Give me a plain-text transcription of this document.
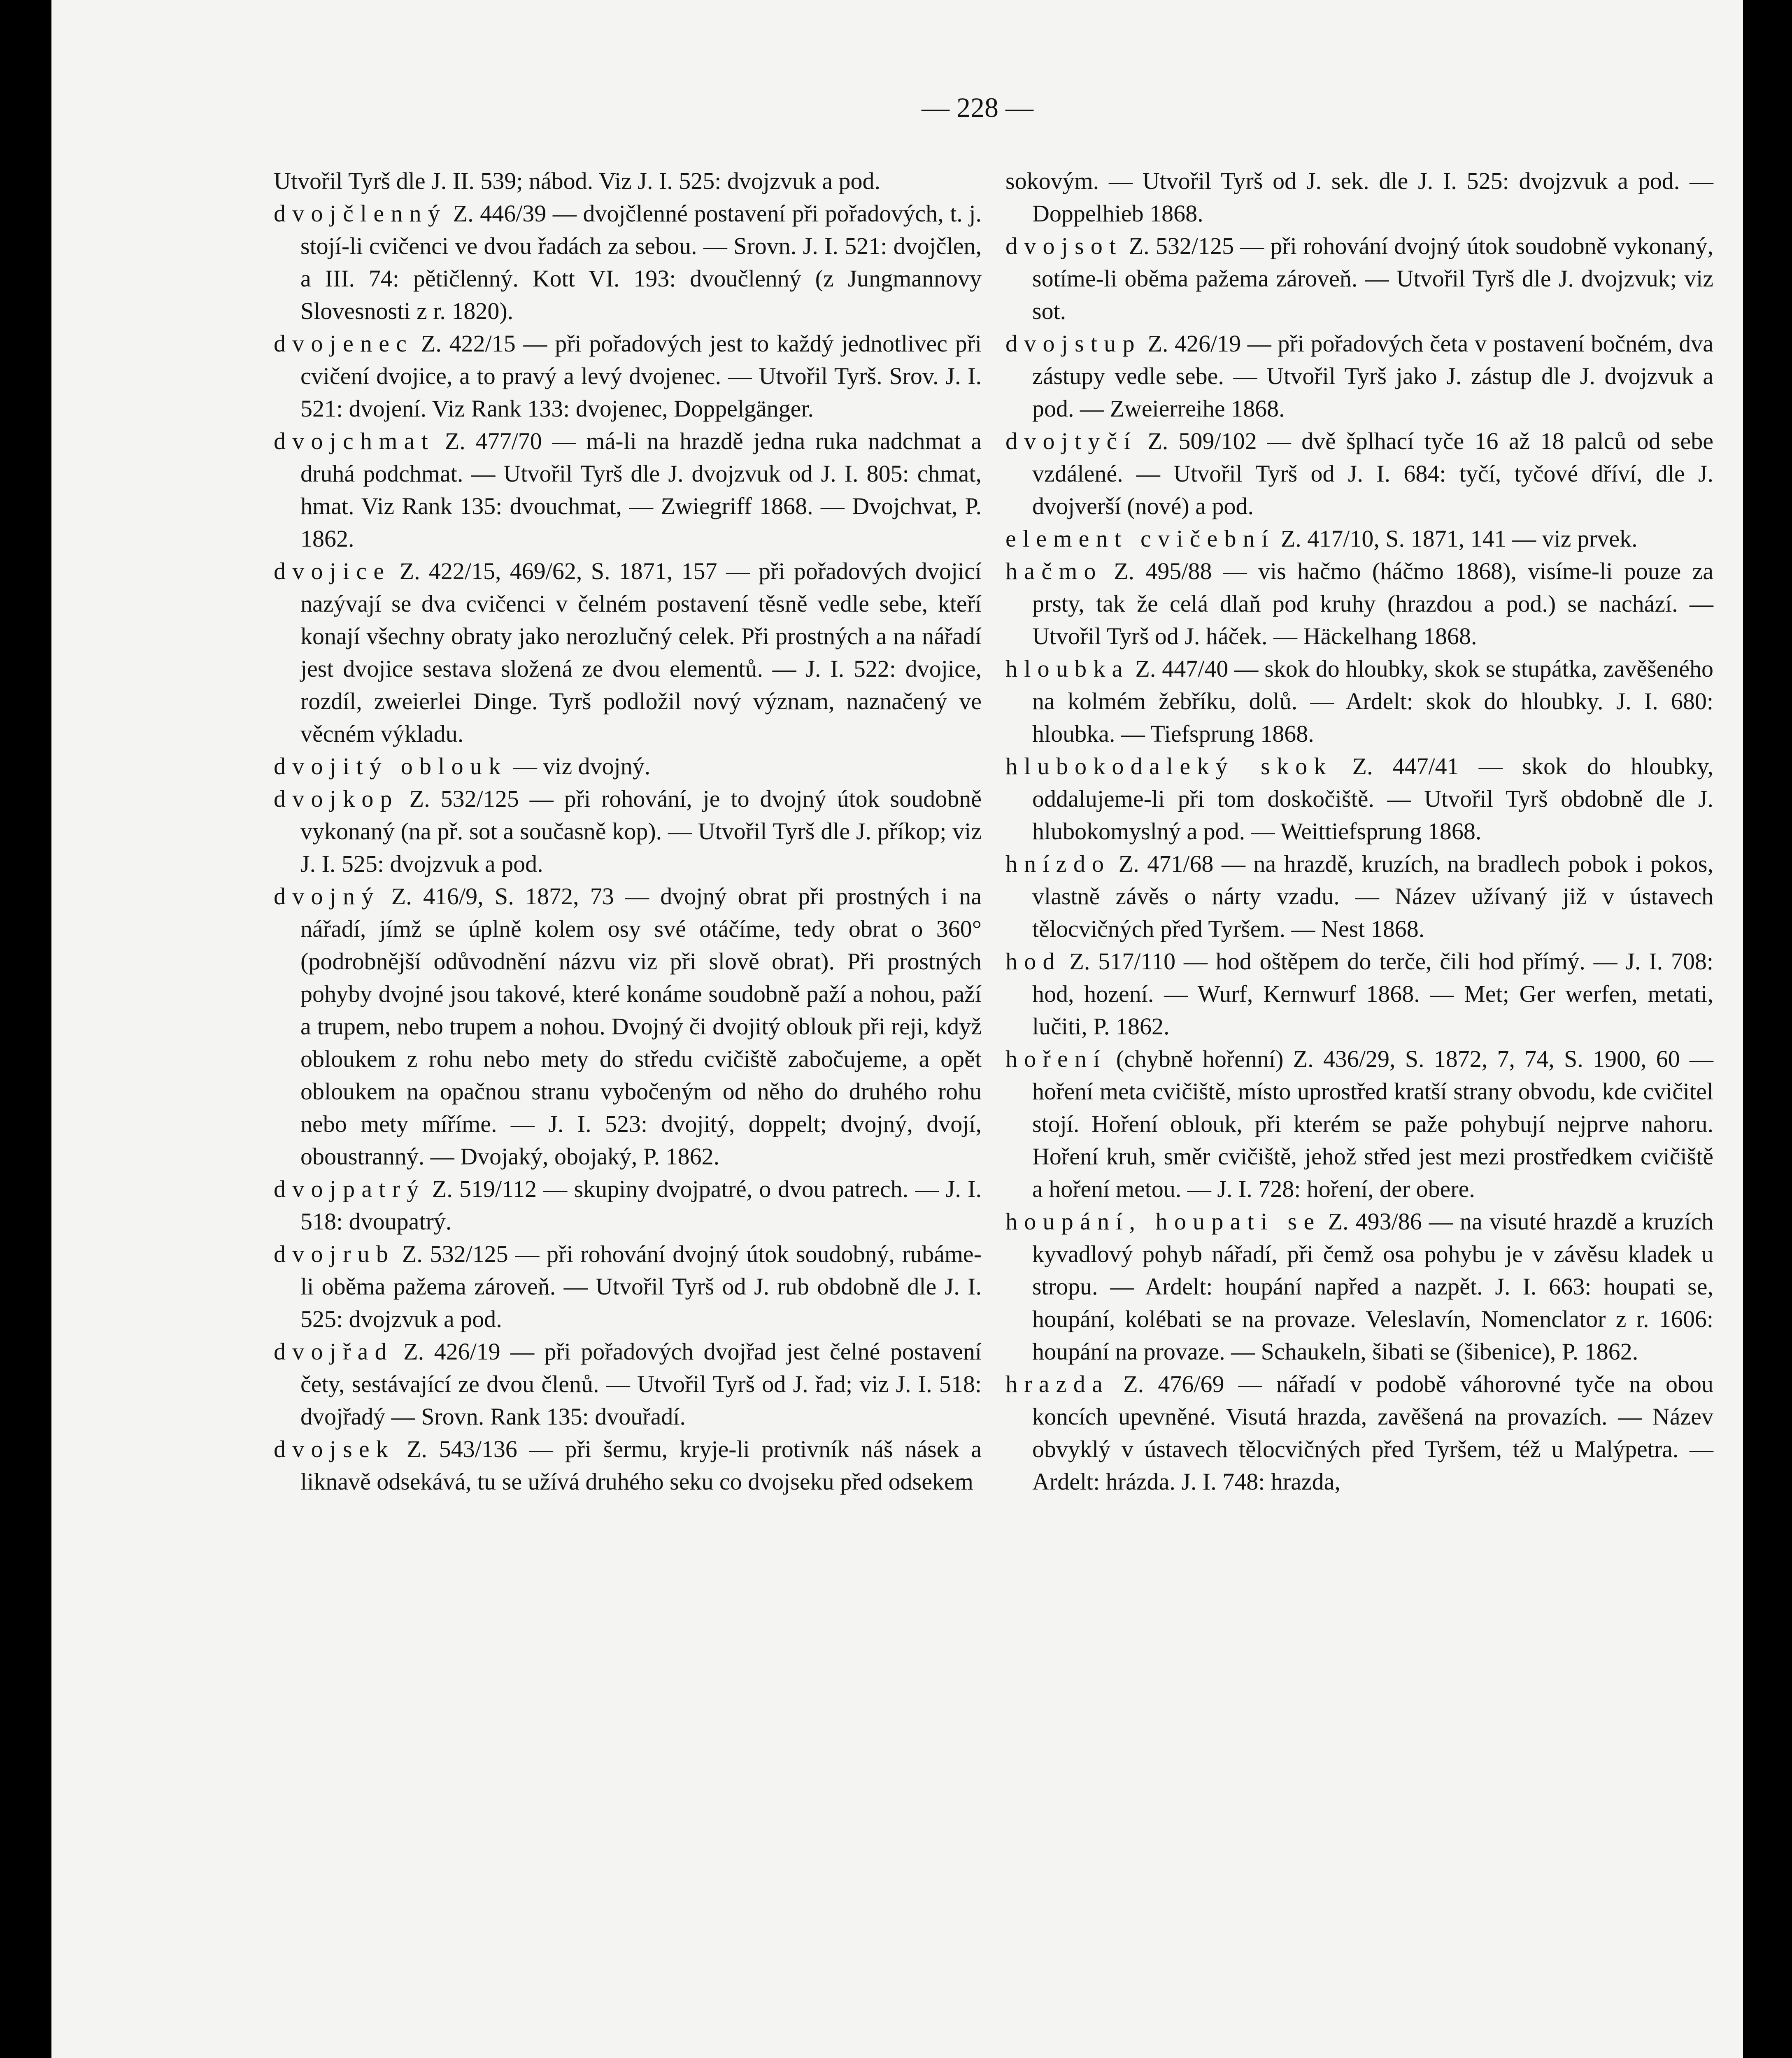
— 228 —

Utvořil Tyrš dle J. II. 539; nábod. Viz J. I. 525: dvojzvuk a pod.

dvojčlenný Z. 446/39 — dvojčlenné postavení při pořadových, t. j. stojí-li cvičenci ve dvou řadách za sebou. — Srovn. J. I. 521: dvojčlen, a III. 74: pětičlenný. Kott VI. 193: dvoučlenný (z Jungmannovy Slovesnosti z r. 1820).

dvojenec Z. 422/15 — při pořadových jest to každý jednotlivec při cvičení dvojice, a to pravý a levý dvojenec. — Utvořil Tyrš. Srov. J. I. 521: dvojení. Viz Rank 133: dvojenec, Doppelgänger.

dvojchmat Z. 477/70 — má-li na hrazdě jedna ruka nadchmat a druhá podchmat. — Utvořil Tyrš dle J. dvojzvuk od J. I. 805: chmat, hmat. Viz Rank 135: dvouchmat, — Zwiegriff 1868. — Dvojchvat, P. 1862.

dvojice Z. 422/15, 469/62, S. 1871, 157 — při pořadových dvojicí nazývají se dva cvičenci v čelném postavení těsně vedle sebe, kteří konají všechny obraty jako nerozlučný celek. Při prostných a na nářadí jest dvojice sestava složená ze dvou elementů. — J. I. 522: dvojice, rozdíl, zweierlei Dinge. Tyrš podložil nový význam, naznačený ve věcném výkladu.

dvojitý oblouk — viz dvojný.

dvojkop Z. 532/125 — při rohování, je to dvojný útok soudobně vykonaný (na př. sot a současně kop). — Utvořil Tyrš dle J. příkop; viz J. I. 525: dvojzvuk a pod.

dvojný Z. 416/9, S. 1872, 73 — dvojný obrat při prostných i na nářadí, jímž se úplně kolem osy své otáčíme, tedy obrat o 360° (podrobnější odůvodnění názvu viz při slově obrat). Při prostných pohyby dvojné jsou takové, které konáme soudobně paží a nohou, paží a trupem, nebo trupem a nohou. Dvojný či dvojitý oblouk při reji, když obloukem z rohu nebo mety do středu cvičiště zabočujeme, a opět obloukem na opačnou stranu vybočeným od něho do druhého rohu nebo mety míříme. — J. I. 523: dvojitý, doppelt; dvojný, dvojí, oboustranný. — Dvojaký, obojaký, P. 1862.

dvojpatrý Z. 519/112 — skupiny dvojpatré, o dvou patrech. — J. I. 518: dvoupatrý.

dvojrub Z. 532/125 — při rohování dvojný útok soudobný, rubáme-li oběma pažema zároveň. — Utvořil Tyrš od J. rub obdobně dle J. I. 525: dvojzvuk a pod.

dvojřad Z. 426/19 — při pořadových dvojřad jest čelné postavení čety, sestávající ze dvou členů. — Utvořil Tyrš od J. řad; viz J. I. 518: dvojřadý — Srovn. Rank 135: dvouřadí.

dvojsek Z. 543/136 — při šermu, kryje-li protivník náš násek a liknavě odsekává, tu se užívá druhého seku co dvojseku před odsekem

sokovým. — Utvořil Tyrš od J. sek. dle J. I. 525: dvojzvuk a pod. — Doppelhieb 1868.

dvojsot Z. 532/125 — při rohování dvojný útok soudobně vykonaný, sotíme-li oběma pažema zároveň. — Utvořil Tyrš dle J. dvojzvuk; viz sot.

dvojstup Z. 426/19 — při pořadových četa v postavení bočném, dva zástupy vedle sebe. — Utvořil Tyrš jako J. zástup dle J. dvojzvuk a pod. — Zweierreihe 1868.

dvojtyčí Z. 509/102 — dvě šplhací tyče 16 až 18 palců od sebe vzdálené. — Utvořil Tyrš od J. I. 684: tyčí, tyčové dříví, dle J. dvojverší (nové) a pod.

element cvičební Z. 417/10, S. 1871, 141 — viz prvek.

hačmo Z. 495/88 — vis hačmo (háčmo 1868), visíme-li pouze za prsty, tak že celá dlaň pod kruhy (hrazdou a pod.) se nachází. — Utvořil Tyrš od J. háček. — Häckelhang 1868.

hloubka Z. 447/40 — skok do hloubky, skok se stupátka, zavěšeného na kolmém žebříku, dolů. — Ardelt: skok do hloubky. J. I. 680: hloubka. — Tiefsprung 1868.

hlubokodaleký skok Z. 447/41 — skok do hloubky, oddalujeme-li při tom doskočiště. — Utvořil Tyrš obdobně dle J. hlubokomyslný a pod. — Weittiefsprung 1868.

hnízdo Z. 471/68 — na hrazdě, kruzích, na bradlech pobok i pokos, vlastně závěs o nárty vzadu. — Název užívaný již v ústavech tělocvičných před Tyršem. — Nest 1868.

hod Z. 517/110 — hod oštěpem do terče, čili hod přímý. — J. I. 708: hod, hození. — Wurf, Kernwurf 1868. — Met; Ger werfen, metati, lučiti, P. 1862.

hoření (chybně hořenní) Z. 436/29, S. 1872, 7, 74, S. 1900, 60 — hoření meta cvičiště, místo uprostřed kratší strany obvodu, kde cvičitel stojí. Hoření oblouk, při kterém se paže pohybují nejprve nahoru. Hoření kruh, směr cvičiště, jehož střed jest mezi prostředkem cvičiště a hoření metou. — J. I. 728: hoření, der obere.

houpání, houpati se Z. 493/86 — na visuté hrazdě a kruzích kyvadlový pohyb nářadí, při čemž osa pohybu je v závěsu kladek u stropu. — Ardelt: houpání napřed a nazpět. J. I. 663: houpati se, houpání, kolébati se na provaze. Veleslavín, Nomenclator z r. 1606: houpání na provaze. — Schaukeln, šibati se (šibenice), P. 1862.

hrazda Z. 476/69 — nářadí v podobě váhorovné tyče na obou koncích upevněné. Visutá hrazda, zavěšená na provazích. — Název obvyklý v ústavech tělocvičných před Tyršem, též u Malýpetra. — Ardelt: hrázda. J. I. 748: hrazda,
